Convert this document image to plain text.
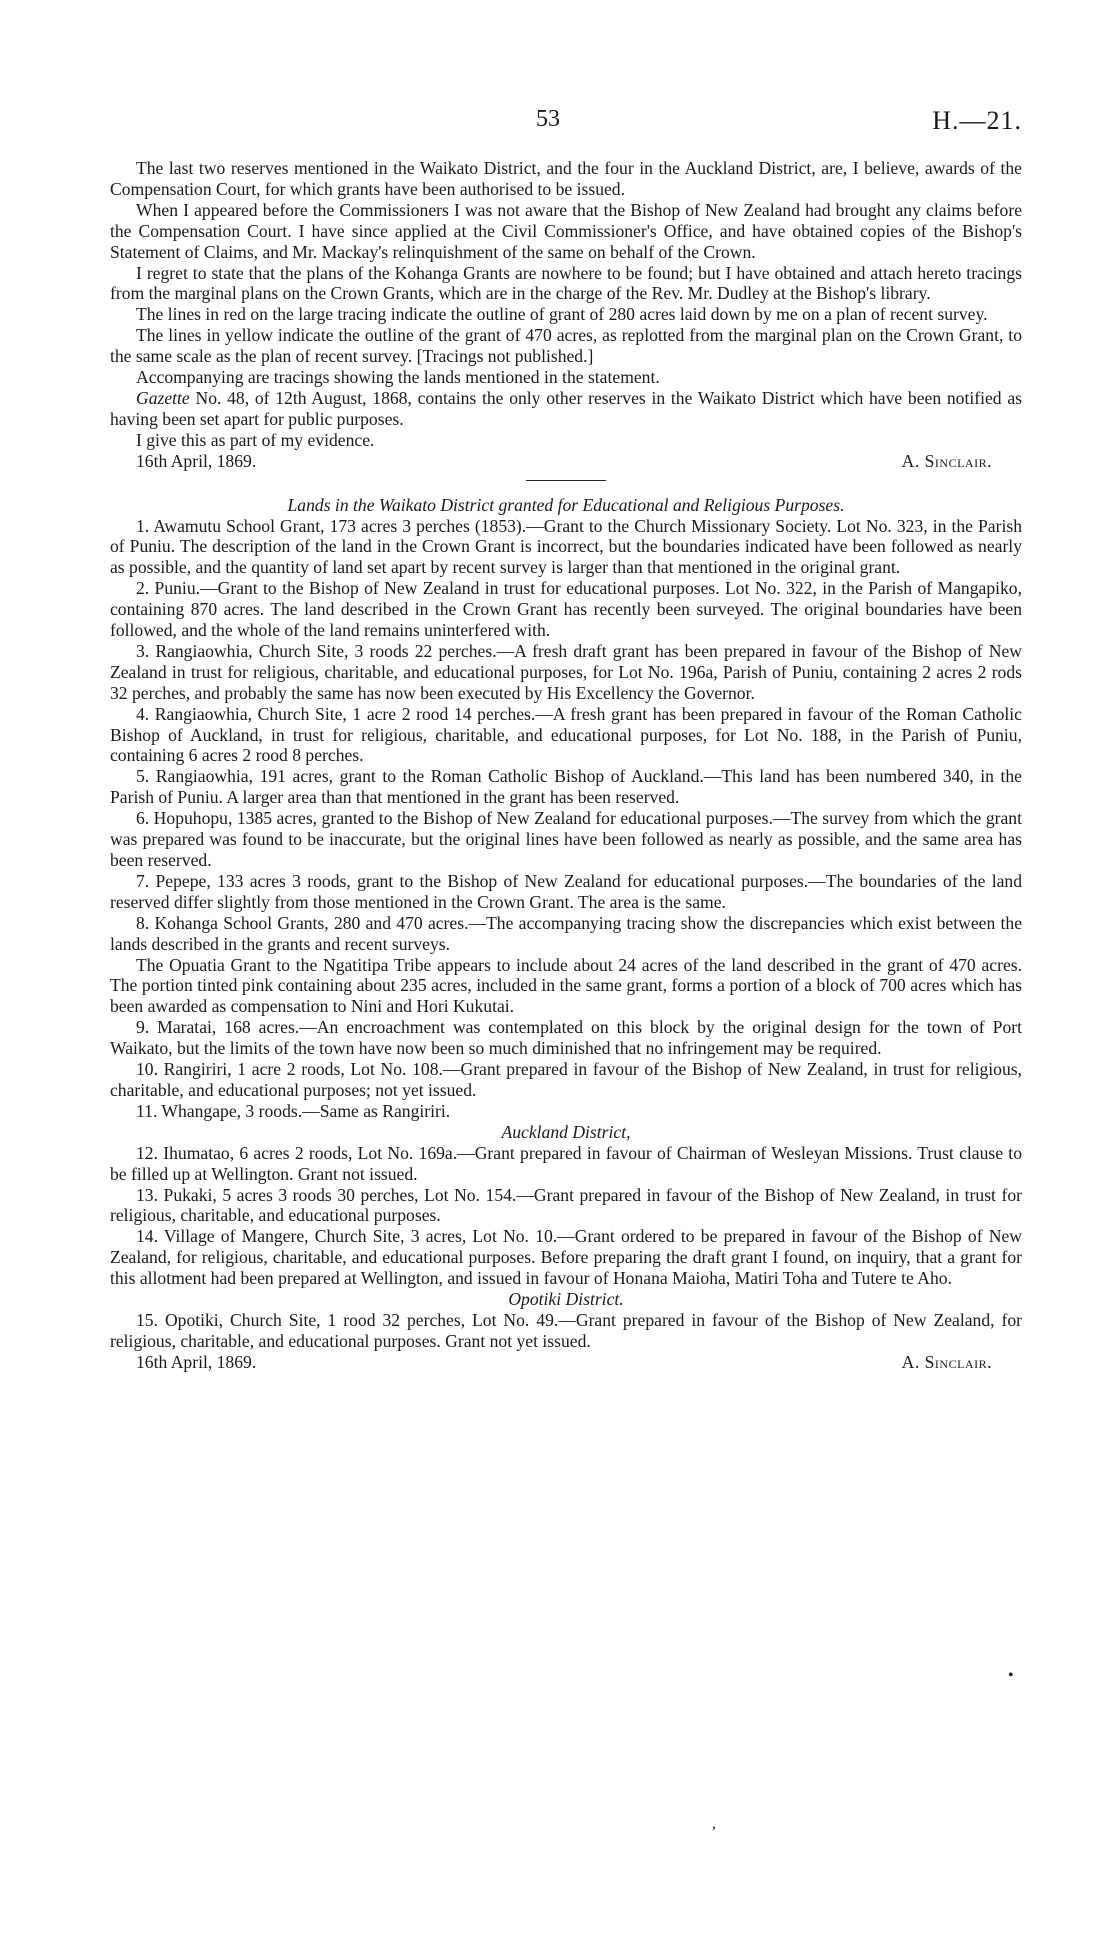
53	H.—21.

The last two reserves mentioned in the Waikato District, and the four in the Auckland District, are, I believe, awards of the Compensation Court, for which grants have been authorised to be issued.

When I appeared before the Commissioners I was not aware that the Bishop of New Zealand had brought any claims before the Compensation Court. I have since applied at the Civil Commissioner's Office, and have obtained copies of the Bishop's Statement of Claims, and Mr. Mackay's relinquishment of the same on behalf of the Crown.

I regret to state that the plans of the Kohanga Grants are nowhere to be found; but I have obtained and attach hereto tracings from the marginal plans on the Crown Grants, which are in the charge of the Rev. Mr. Dudley at the Bishop's library.

The lines in red on the large tracing indicate the outline of grant of 280 acres laid down by me on a plan of recent survey.

The lines in yellow indicate the outline of the grant of 470 acres, as replotted from the marginal plan on the Crown Grant, to the same scale as the plan of recent survey. [Tracings not published.]

Accompanying are tracings showing the lands mentioned in the statement.

Gazette No. 48, of 12th August, 1868, contains the only other reserves in the Waikato District which have been notified as having been set apart for public purposes.

I give this as part of my evidence.

16th April, 1869.	A. Sinclair.

Lands in the Waikato District granted for Educational and Religious Purposes.

1. Awamutu School Grant, 173 acres 3 perches (1853).—Grant to the Church Missionary Society. Lot No. 323, in the Parish of Puniu. The description of the land in the Crown Grant is incorrect, but the boundaries indicated have been followed as nearly as possible, and the quantity of land set apart by recent survey is larger than that mentioned in the original grant.

2. Puniu.—Grant to the Bishop of New Zealand in trust for educational purposes. Lot No. 322, in the Parish of Mangapiko, containing 870 acres. The land described in the Crown Grant has recently been surveyed. The original boundaries have been followed, and the whole of the land remains uninterfered with.

3. Rangiaowhia, Church Site, 3 roods 22 perches.—A fresh draft grant has been prepared in favour of the Bishop of New Zealand in trust for religious, charitable, and educational purposes, for Lot No. 196a, Parish of Puniu, containing 2 acres 2 rods 32 perches, and probably the same has now been executed by His Excellency the Governor.

4. Rangiaowhia, Church Site, 1 acre 2 rood 14 perches.—A fresh grant has been prepared in favour of the Roman Catholic Bishop of Auckland, in trust for religious, charitable, and educational purposes, for Lot No. 188, in the Parish of Puniu, containing 6 acres 2 rood 8 perches.

5. Rangiaowhia, 191 acres, grant to the Roman Catholic Bishop of Auckland.—This land has been numbered 340, in the Parish of Puniu. A larger area than that mentioned in the grant has been reserved.

6. Hopuhopu, 1385 acres, granted to the Bishop of New Zealand for educational purposes.—The survey from which the grant was prepared was found to be inaccurate, but the original lines have been followed as nearly as possible, and the same area has been reserved.

7. Pepepe, 133 acres 3 roods, grant to the Bishop of New Zealand for educational purposes.—The boundaries of the land reserved differ slightly from those mentioned in the Crown Grant. The area is the same.

8. Kohanga School Grants, 280 and 470 acres.—The accompanying tracing show the discrepancies which exist between the lands described in the grants and recent surveys.

The Opuatia Grant to the Ngatitipa Tribe appears to include about 24 acres of the land described in the grant of 470 acres. The portion tinted pink containing about 235 acres, included in the same grant, forms a portion of a block of 700 acres which has been awarded as compensation to Nini and Hori Kukutai.

9. Maratai, 168 acres.—An encroachment was contemplated on this block by the original design for the town of Port Waikato, but the limits of the town have now been so much diminished that no infringement may be required.

10. Rangiriri, 1 acre 2 roods, Lot No. 108.—Grant prepared in favour of the Bishop of New Zealand, in trust for religious, charitable, and educational purposes; not yet issued.

11. Whangape, 3 roods.—Same as Rangiriri.

Auckland District,

12. Ihumatao, 6 acres 2 roods, Lot No. 169a.—Grant prepared in favour of Chairman of Wesleyan Missions. Trust clause to be filled up at Wellington. Grant not issued.

13. Pukaki, 5 acres 3 roods 30 perches, Lot No. 154.—Grant prepared in favour of the Bishop of New Zealand, in trust for religious, charitable, and educational purposes.

14. Village of Mangere, Church Site, 3 acres, Lot No. 10.—Grant ordered to be prepared in favour of the Bishop of New Zealand, for religious, charitable, and educational purposes. Before preparing the draft grant I found, on inquiry, that a grant for this allotment had been prepared at Wellington, and issued in favour of Honana Maioha, Matiri Toha and Tutere te Aho.

Opotiki District.

15. Opotiki, Church Site, 1 rood 32 perches, Lot No. 49.—Grant prepared in favour of the Bishop of New Zealand, for religious, charitable, and educational purposes. Grant not yet issued.

16th April, 1869.	A. Sinclair.
•
,
